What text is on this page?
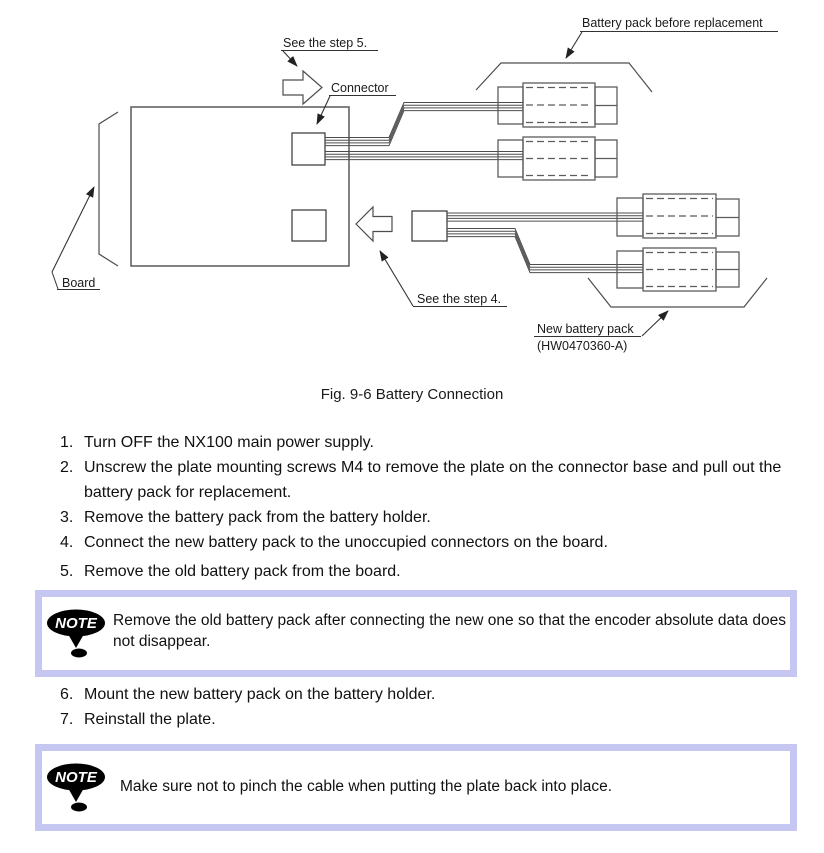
See the step 5.
Connector
Battery pack before replacement
Board
See the step 4.
New battery pack
(HW0470360-A)
Fig. 9-6 Battery Connection
1. Turn OFF the NX100 main power supply.
2. Unscrew the plate mounting screws M4 to remove the plate on the connector base and pull out the battery pack for replacement.
3. Remove the battery pack from the battery holder.
4. Connect the new battery pack to the unoccupied connectors on the board.
5. Remove the old battery pack from the board.
NOTE Remove the old battery pack after connecting the new one so that the encoder absolute data does not disappear.
6. Mount the new battery pack on the battery holder.
7. Reinstall the plate.
NOTE
Make sure not to pinch the cable when putting the plate back into place.
